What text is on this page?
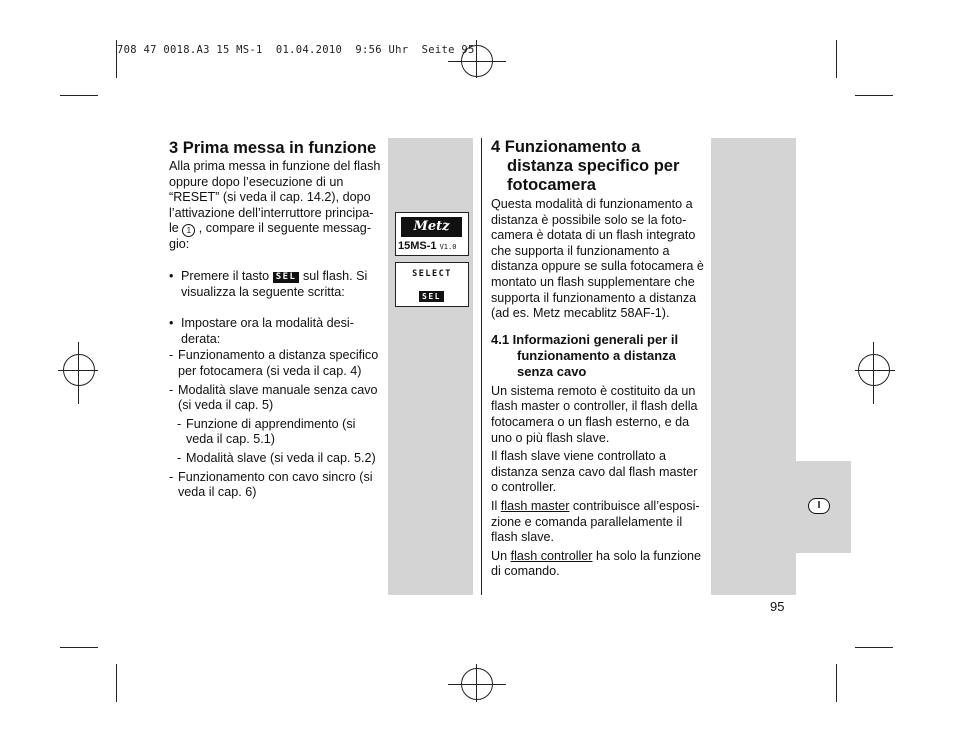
708 47 0018.A3 15 MS-1  01.04.2010  9:56 Uhr  Seite 95
I
3 Prima messa in funzione

Alla prima messa in funzione del flash

oppure dopo l’esecuzione di un

“RESET” (si veda il cap. 14.2), dopo

l’attivazione dell’interruttore principa-

le 1 , compare il seguente messag-

gio:

• Premere il tasto SEL sul flash. Si

visualizza la seguente scritta:

• Impostare ora la modalità desi-

derata:

- Funzionamento a distanza specifico

per fotocamera (si veda il cap. 4)

- Modalità slave manuale senza cavo

(si veda il cap. 5)

- Funzione di apprendimento (si

veda il cap. 5.1)

- Modalità slave (si veda il cap. 5.2)

- Funzionamento con cavo sincro (si

veda il cap. 6)

Metz
15MS-1 V1.0
SELECT
SEL
4 Funzionamento a
distanza specifico per
fotocamera

Questa modalità di funzionamento a

distanza è possibile solo se la foto-

camera è dotata di un flash integrato

che supporta il funzionamento a

distanza oppure se sulla fotocamera è

montato un flash supplementare che

supporta il funzionamento a distanza

(ad es. Metz mecablitz 58AF-1).

4.1 Informazioni generali per il
funzionamento a distanza
senza cavo

Un sistema remoto è costituito da un

flash master o controller, il flash della

fotocamera o un flash esterno, e da

uno o più flash slave.

Il flash slave viene controllato a

distanza senza cavo dal flash master

o controller.

Il flash master contribuisce all’esposi-

zione e comanda parallelamente il

flash slave.

Un flash controller ha solo la funzione

di comando.

95
